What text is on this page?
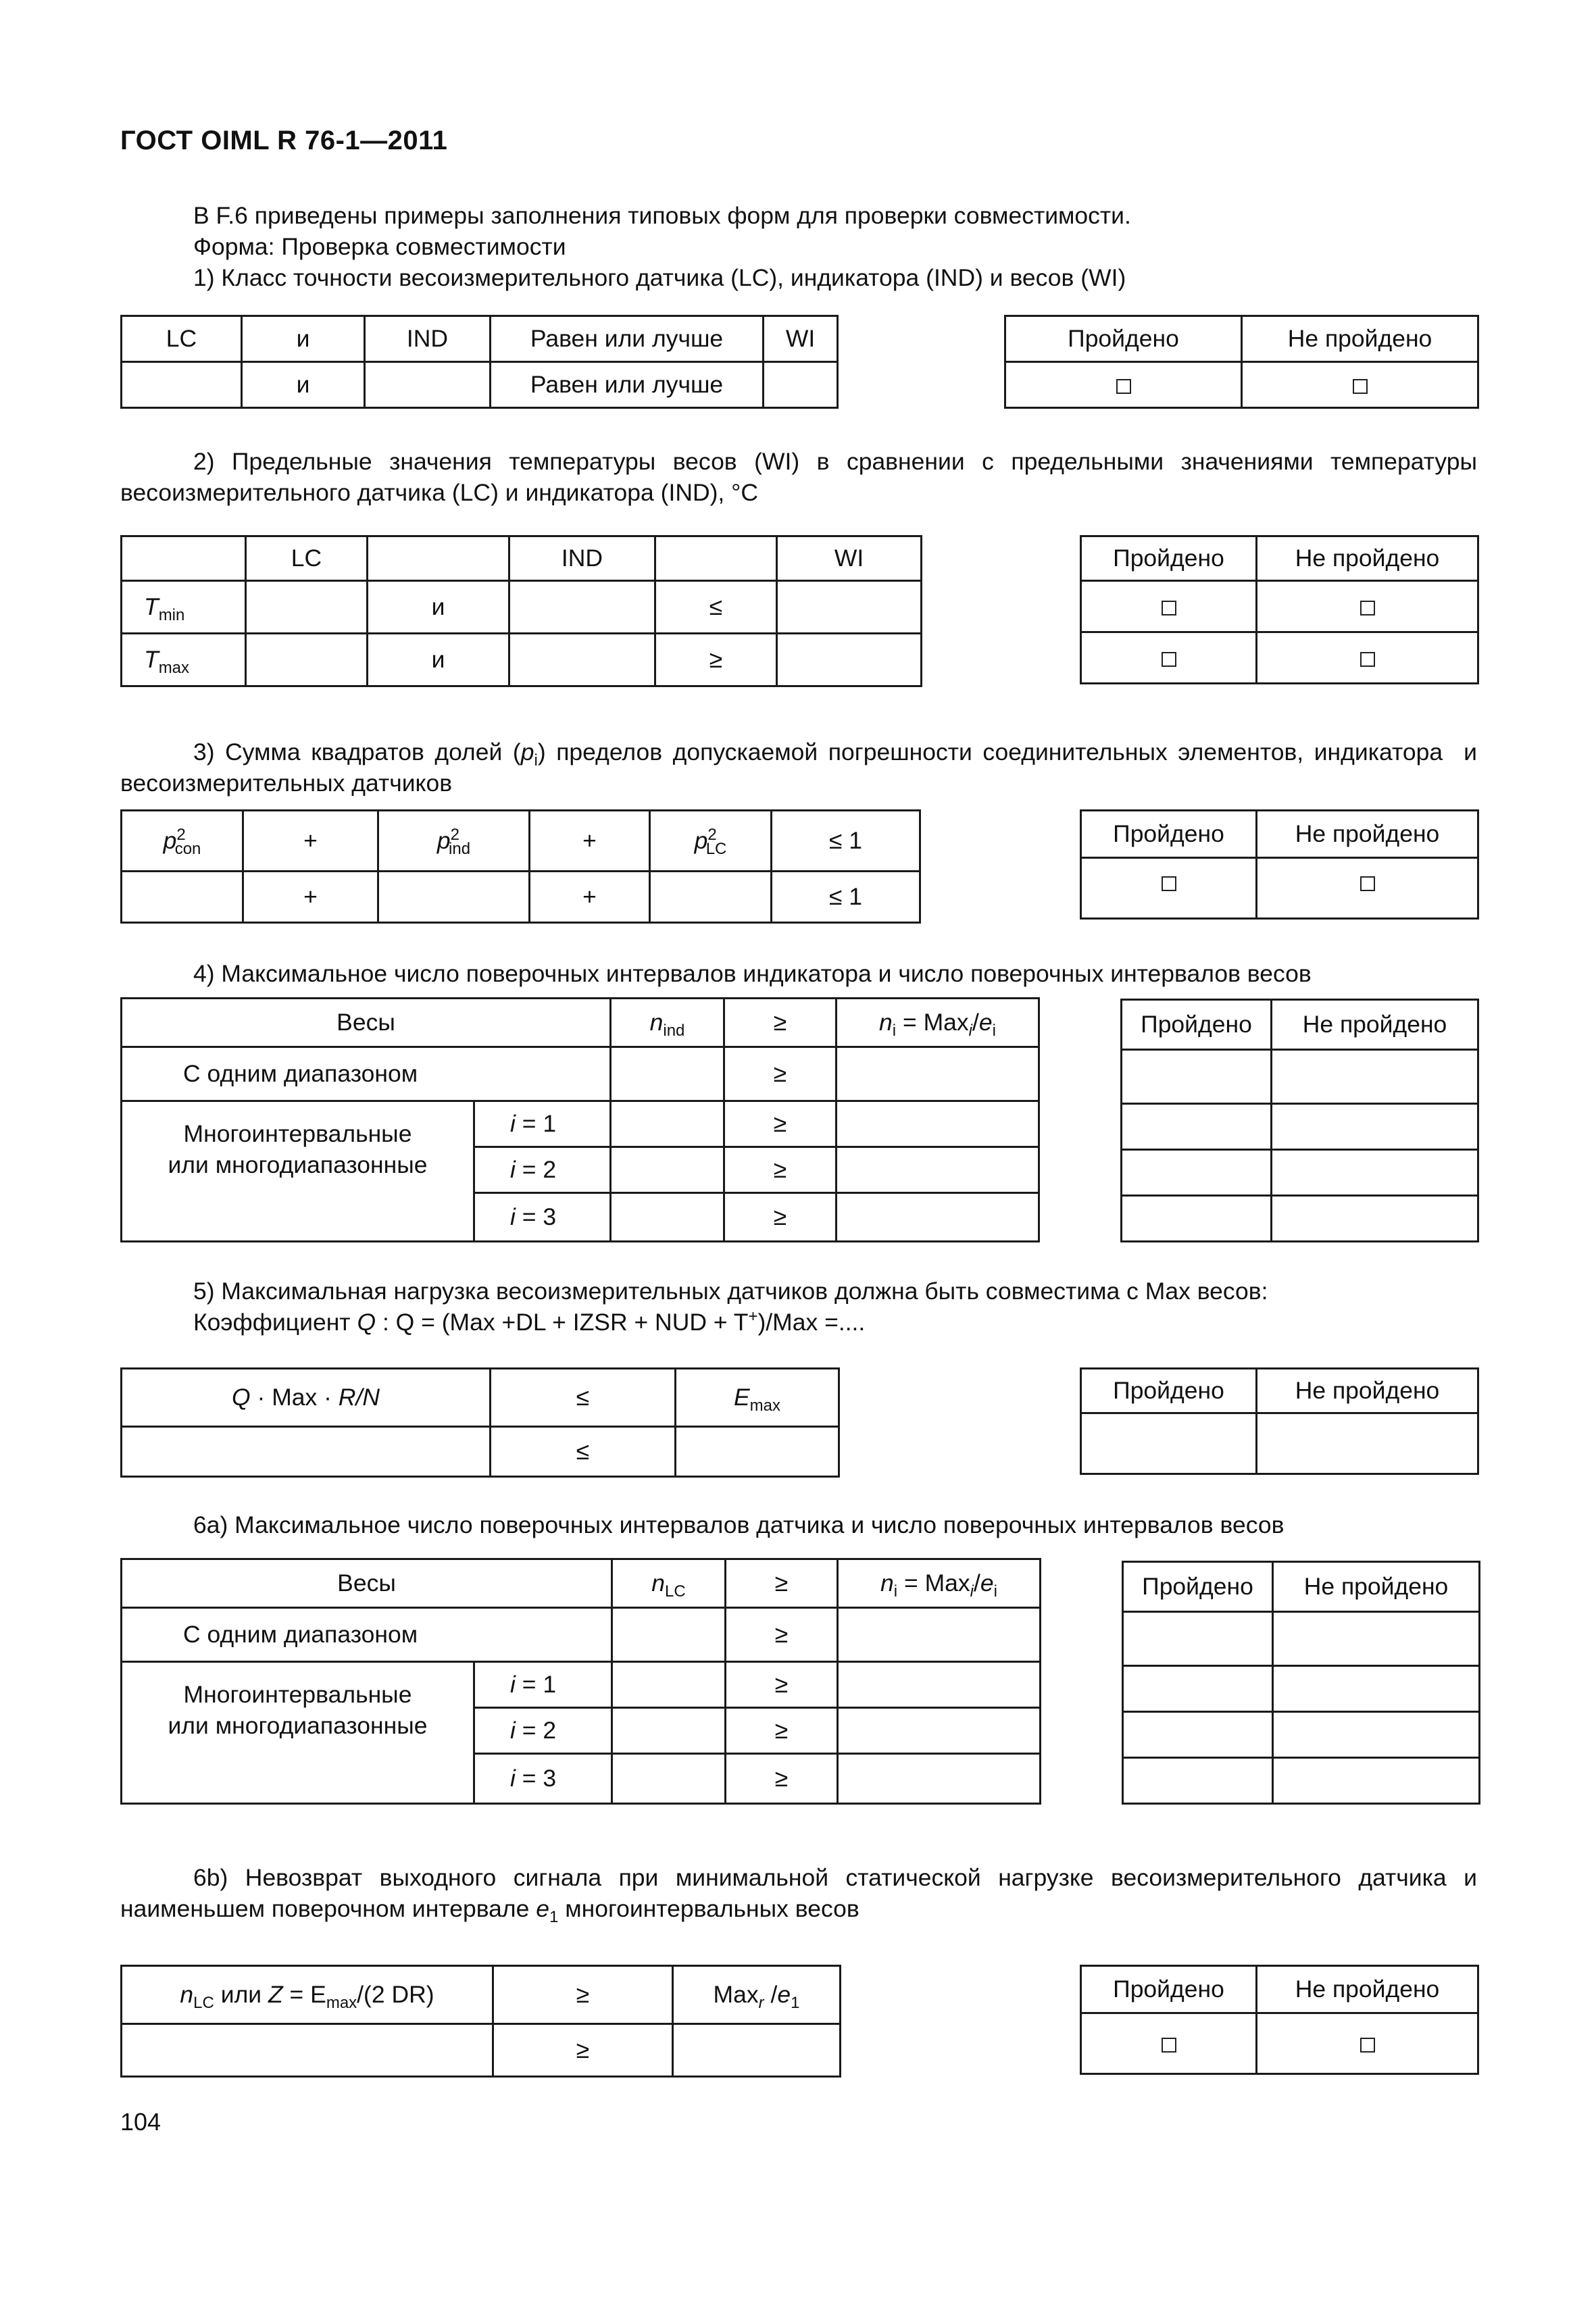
ГОСТ OIML R 76-1—2011
В F.6 приведены примеры заполнения типовых форм для проверки совместимости.
Форма: Проверка совместимости
1) Класс точности весоизмерительного датчика (LC), индикатора (IND) и весов (WI)
LC	и	IND	Равен или лучше	WI
	и		Равен или лучше	
Пройдено	Не пройдено

2) Предельные значения температуры весов (WI) в сравнении с предельными значениями температуры весоизмерительного датчика (LC) и индикатора (IND), °C
	LC		IND		WI
$T_{min}$		и		≤	
$T_{max}$		и		≥	
Пройдено	Не пройдено

3) Сумма квадратов долей $(p_i)$ пределов допускаемой погрешности соединительных элементов, индикатора  и весоизмерительных датчиков
$p^2_{con}$	+	$p^2_{ind}$	+	$p^2_{LC}$	≤ 1
	+		+		≤ 1
Пройдено	Не пройдено

4) Максимальное число поверочных интервалов индикатора и число поверочных интервалов весов
Весы		$n_{ind}$	≥	$n_i = Max_i/e_i$
С одним диапазоном			≥	
Многоинтервальные
или многодиапазонные	i = 1		≥	
	i = 2		≥	
	i = 3		≥	
Пройдено	Не пройдено

5) Максимальная нагрузка весоизмерительных датчиков должна быть совместима с Max весов:
Коэффициент Q : Q = (Max +DL + IZSR + NUD + T+)/Max =....
Q · Max · R/N	≤	$E_{max}$
	≤	
Пройдено	Не пройдено

6a) Максимальное число поверочных интервалов датчика и число поверочных интервалов весов
Весы		$n_{LC}$	≥	$n_i = Max_i/e_i$
С одним диапазоном			≥	
Многоинтервальные
или многодиапазонные	i = 1		≥	
	i = 2		≥	
	i = 3		≥	
Пройдено	Не пройдено

6b) Невозврат выходного сигнала при минимальной статической нагрузке весоизмерительного датчика и наименьшем поверочном интервале $e_1$ многоинтервальных весов
$n_{LC}$ или $Z = E_{max}/(2$ DR)	≥	Max$_r$ $/e_1$
	≥	
Пройдено	Не пройдено

104
